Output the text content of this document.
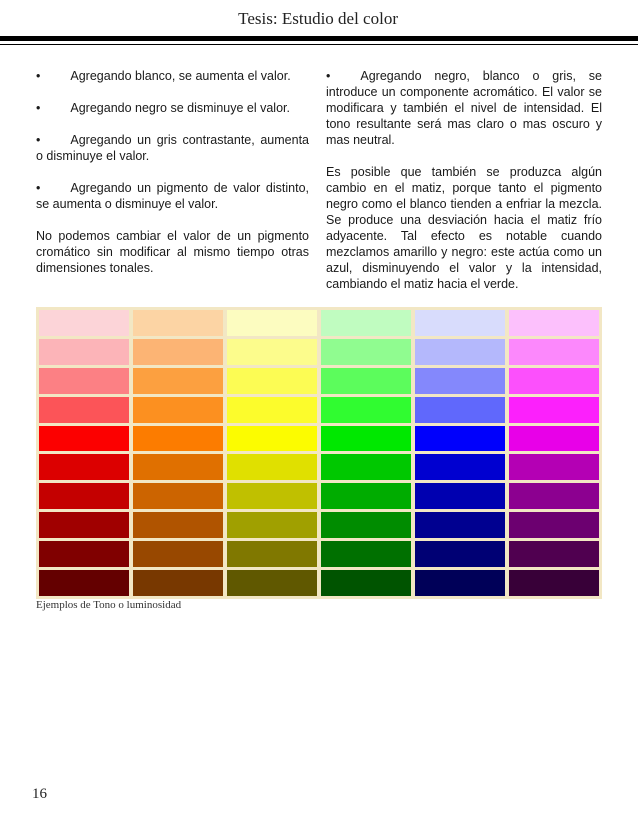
Tesis: Estudio del color

• Agregando blanco, se aumenta el valor.

• Agregando negro se disminuye el valor.

• Agregando un gris contrastante, aumenta o disminuye el valor.

• Agregando un pigmento de valor distinto, se aumenta o disminuye el valor.

No podemos cambiar el valor de un pigmento cromático sin modificar al mismo tiempo otras dimensiones tonales.

• Agregando negro, blanco o gris, se introduce un componente acromático. El valor se modificara y también el nivel de intensidad. El tono resultante será mas claro o mas oscuro y mas neutral.

Es posible que también se produzca algún cambio en el matiz, porque tanto el pigmento negro como el blanco tienden a enfriar la mezcla. Se produce una desviación hacia el matiz frío adyacente. Tal efecto es notable cuando mezclamos amarillo y negro: este actúa como un azul, disminuyendo el valor y la intensidad, cambiando el matiz hacia el verde.

Ejemplos de Tono o luminosidad
16
